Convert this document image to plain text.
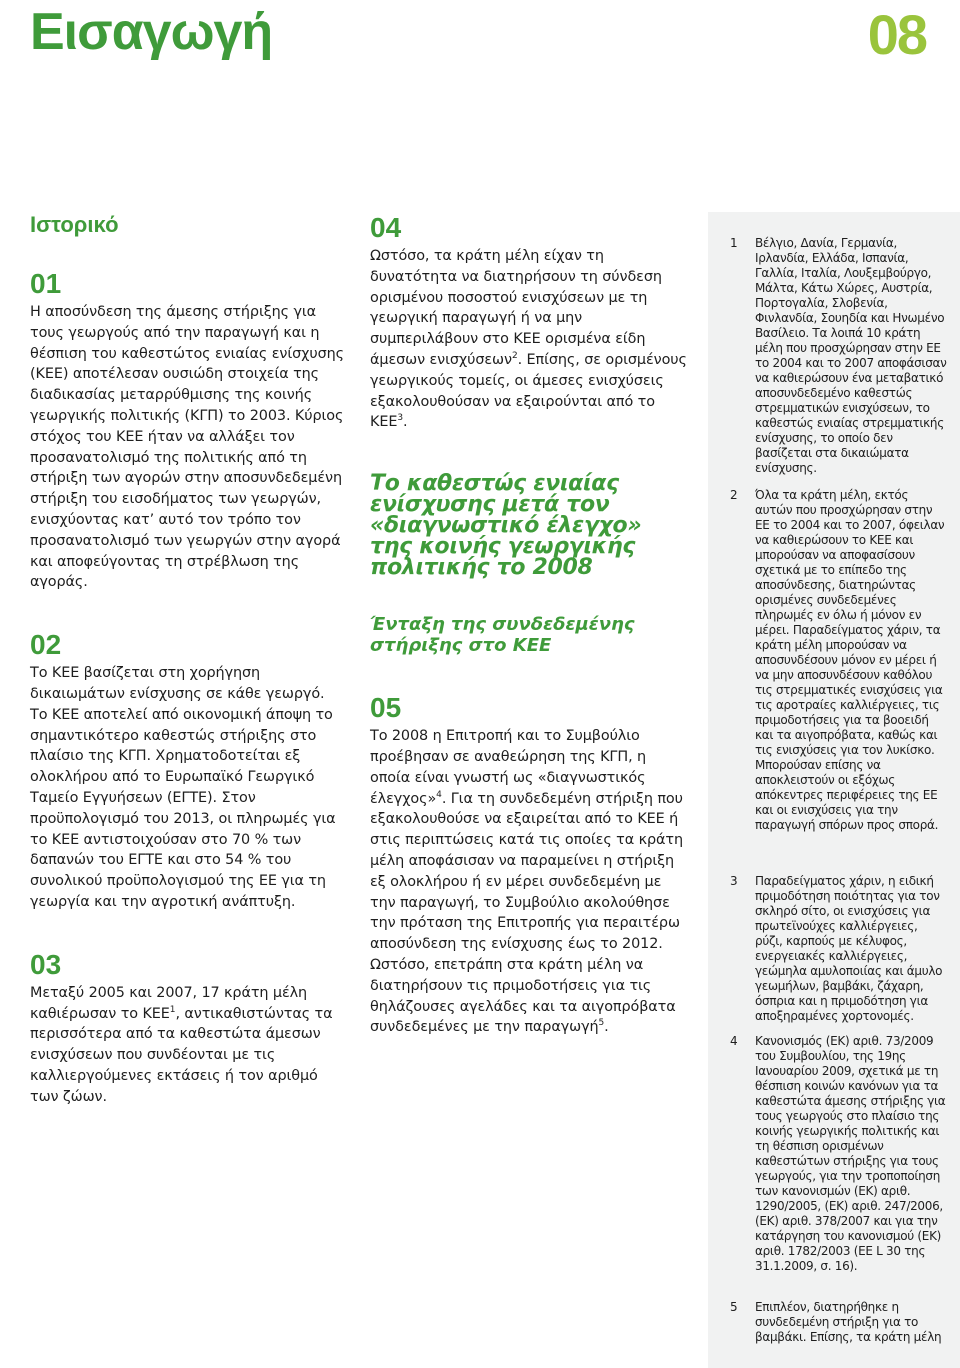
Εισαγωγή	08
Ιστορικό
01

Η αποσύνδεση της άμεσης στήριξης για τους γεωργούς από την παραγωγή και η θέσπιση του καθεστώτος ενιαίας ενίσχυσης (ΚΕΕ) αποτέλεσαν ουσιώδη στοιχεία της διαδικασίας μεταρρύθμισης της κοινής γεωργικής πολιτικής (ΚΓΠ) το 2003. Κύριος στόχος του ΚΕΕ ήταν να αλλάξει τον προσανατολισμό της πολιτικής από τη στήριξη των αγορών στην αποσυνδεδεμένη στήριξη του εισοδήματος των γεωργών, ενισχύοντας κατ’ αυτό τον τρόπο τον προσανατολισμό των γεωργών στην αγορά και αποφεύγοντας τη στρέβλωση της αγοράς.

02

Το ΚΕΕ βασίζεται στη χορήγηση δικαιωμάτων ενίσχυσης σε κάθε γεωργό. Το ΚΕΕ αποτελεί από οικονομική άποψη το σημαντικότερο καθεστώς στήριξης στο πλαίσιο της ΚΓΠ. Χρηματοδοτείται εξ ολοκλήρου από το Ευρωπαϊκό Γεωργικό Ταμείο Εγγυήσεων (ΕΓΤΕ). Στον προϋπολογισμό του 2013, οι πληρωμές για το ΚΕΕ αντιστοιχούσαν στο 70 % των δαπανών του ΕΓΤΕ και στο 54 % του συνολικού προϋπολογισμού της ΕΕ για τη γεωργία και την αγροτική ανάπτυξη.

03

Μεταξύ 2005 και 2007, 17 κράτη μέλη καθιέρωσαν το ΚΕΕ$^1$, αντικαθιστώντας τα περισσότερα από τα καθεστώτα άμεσων ενισχύσεων που συνδέονται με τις καλλιεργούμενες εκτάσεις ή τον αριθμό των ζώων.

04

Ωστόσο, τα κράτη μέλη είχαν τη δυνατότητα να διατηρήσουν τη σύνδεση ορισμένου ποσοστού ενισχύσεων με τη γεωργική παραγωγή ή να μην συμπεριλάβουν στο ΚΕΕ ορισμένα είδη άμεσων ενισχύσεων$^2$. Επίσης, σε ορισμένους γεωργικούς τομείς, οι άμεσες ενισχύσεις εξακολουθούσαν να εξαιρούνται από το ΚΕΕ$^3$.

Το καθεστώς ενιαίας ενίσχυσης μετά τον «διαγνωστικό έλεγχο» της κοινής γεωργικής πολιτικής το 2008
Ένταξη της συνδεδεμένης στήριξης στο ΚΕΕ
05

Το 2008 η Επιτροπή και το Συμβούλιο προέβησαν σε αναθεώρηση της ΚΓΠ, η οποία είναι γνωστή ως «διαγνωστικός έλεγχος»$^4$. Για τη συνδεδεμένη στήριξη που εξακολουθούσε να εξαιρείται από το ΚΕΕ ή στις περιπτώσεις κατά τις οποίες τα κράτη μέλη αποφάσισαν να παραμείνει η στήριξη εξ ολοκλήρου ή εν μέρει συνδεδεμένη με την παραγωγή, το Συμβούλιο ακολούθησε την πρόταση της Επιτροπής για περαιτέρω αποσύνδεση της ενίσχυσης έως το 2012. Ωστόσο, επετράπη στα κράτη μέλη να διατηρήσουν τις πριμοδοτήσεις για τις θηλάζουσες αγελάδες και τα αιγοπρόβατα συνδεδεμένες με την παραγωγή$^5$.

1 Βέλγιο, Δανία, Γερμανία, Ιρλανδία, Ελλάδα, Ισπανία, Γαλλία, Ιταλία, Λουξεμβούργο, Μάλτα, Κάτω Χώρες, Αυστρία, Πορτογαλία, Σλοβενία, Φινλανδία, Σουηδία και Ηνωμένο Βασίλειο. Τα λοιπά 10 κράτη μέλη που προσχώρησαν στην ΕΕ το 2004 και το 2007 αποφάσισαν να καθιερώσουν ένα μεταβατικό αποσυνδεδεμένο καθεστώς στρεμματικών ενισχύσεων, το καθεστώς ενιαίας στρεμματικής ενίσχυσης, το οποίο δεν βασίζεται στα δικαιώματα ενίσχυσης.
2 Όλα τα κράτη μέλη, εκτός αυτών που προσχώρησαν στην ΕΕ το 2004 και το 2007, όφειλαν να καθιερώσουν το ΚΕΕ και μπορούσαν να αποφασίσουν σχετικά με το επίπεδο της αποσύνδεσης, διατηρώντας ορισμένες συνδεδεμένες πληρωμές εν όλω ή μόνον εν μέρει. Παραδείγματος χάριν, τα κράτη μέλη μπορούσαν να αποσυνδέσουν μόνον εν μέρει ή να μην αποσυνδέσουν καθόλου τις στρεμματικές ενισχύσεις για τις αροτραίες καλλιέργειες, τις πριμοδοτήσεις για τα βοοειδή και τα αιγοπρόβατα, καθώς και τις ενισχύσεις για τον λυκίσκο. Μπορούσαν επίσης να αποκλειστούν οι εξόχως απόκεντρες περιφέρειες της ΕΕ και οι ενισχύσεις για την παραγωγή σπόρων προς σπορά.
3 Παραδείγματος χάριν, η ειδική πριμοδότηση ποιότητας για τον σκληρό σίτο, οι ενισχύσεις για πρωτεϊνούχες καλλιέργειες, ρύζι, καρπούς με κέλυφος, ενεργειακές καλλιέργειες, γεώμηλα αμυλοποιίας και άμυλο γεωμήλων, βαμβάκι, ζάχαρη, όσπρια και η πριμοδότηση για αποξηραμένες χορτονομές.
4 Κανονισμός (ΕΚ) αριθ. 73/2009 του Συμβουλίου, της 19ης Ιανουαρίου 2009, σχετικά με τη θέσπιση κοινών κανόνων για τα καθεστώτα άμεσης στήριξης για τους γεωργούς στο πλαίσιο της κοινής γεωργικής πολιτικής και τη θέσπιση ορισμένων καθεστώτων στήριξης για τους γεωργούς, για την τροποποίηση των κανονισμών (ΕΚ) αριθ. 1290/2005, (ΕΚ) αριθ. 247/2006, (ΕΚ) αριθ. 378/2007 και για την κατάργηση του κανονισμού (ΕΚ) αριθ. 1782/2003 (ΕΕ L 30 της 31.1.2009, σ. 16).
5 Επιπλέον, διατηρήθηκε η συνδεδεμένη στήριξη για το βαμβάκι. Επίσης, τα κράτη μέλη
